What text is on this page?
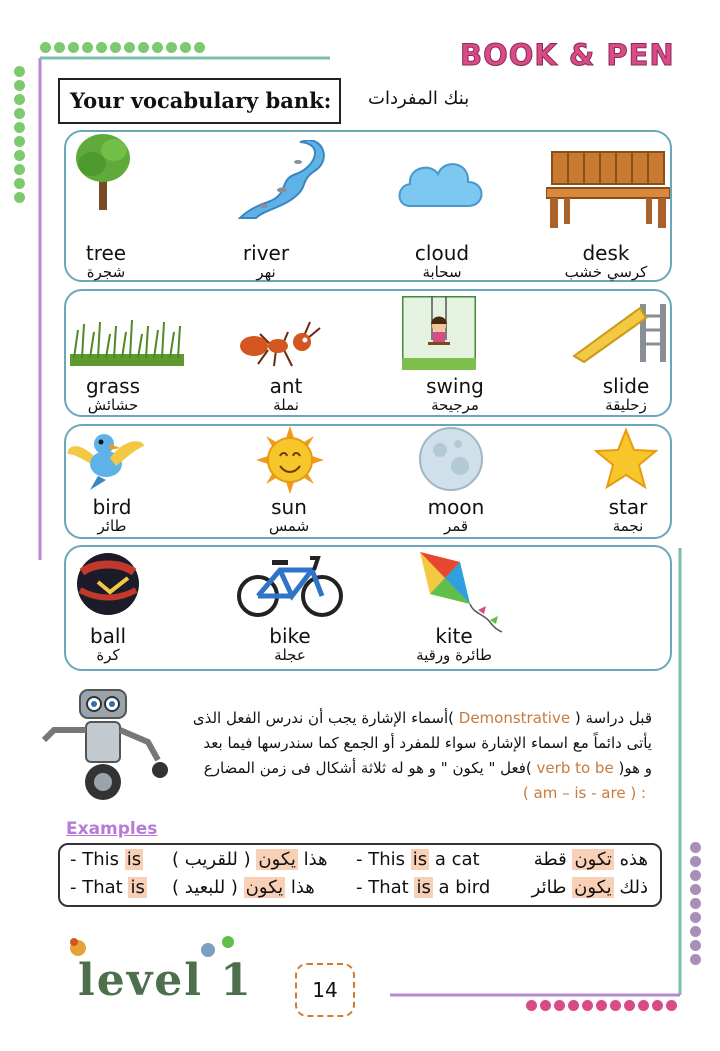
BOOK & PEN
Your vocabulary bank:	بنك المفردات
tree
شجرة
river
نهر
cloud
سحابة
desk
كرسي خشب
grass
حشائش
ant
نملة
swing
مرجيحة
slide
زحليقة
bird
طائر
sun
شمس
moon
قمر
star
نجمة
ball
كرة
bike
عجلة
kite
طائرة ورقية
قبل دراسة ( Demonstrative )أسماء الإشارة يجب أن ندرس الفعل الذى
يأتى دائماً مع اسماء الإشارة سواء للمفرد أو الجمع كما سندرسها فيما بعد
و هو( verb to be )فعل " يكون " و هو له ثلاثة أشكال فى زمن المضارع
( am – is - are ) :
Examples
- This is	هذا يكون ( للقريب )	- This is a cat	هذه تكون قطة
- That is	هذا يكون ( للبعيد )	- That is a bird	ذلك يكون طائر
level 1	14
